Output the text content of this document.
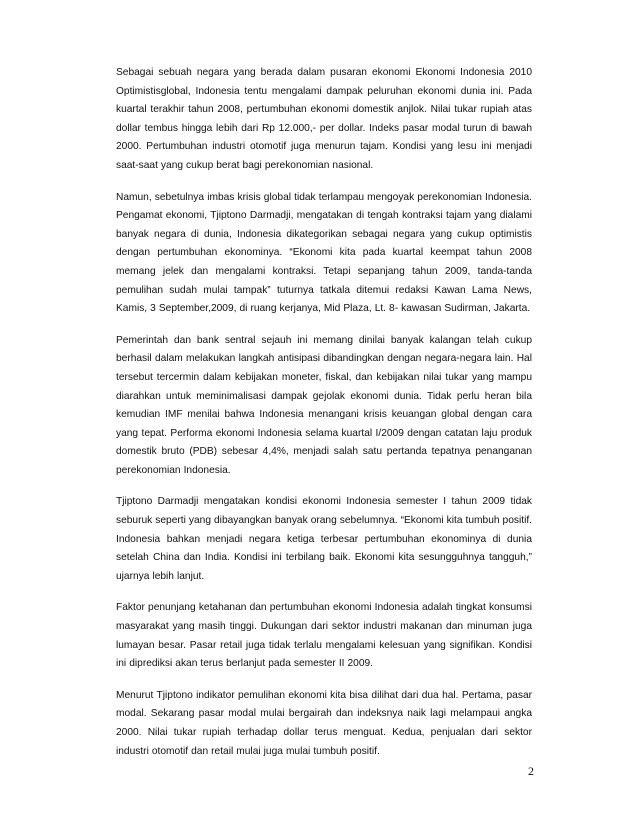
Sebagai sebuah negara yang berada dalam pusaran ekonomi Ekonomi Indonesia 2010 Optimistisglobal, Indonesia tentu mengalami dampak peluruhan ekonomi dunia ini. Pada kuartal terakhir tahun 2008, pertumbuhan ekonomi domestik anjlok. Nilai tukar rupiah atas dollar tembus hingga lebih dari Rp 12.000,- per dollar. Indeks pasar modal turun di bawah 2000. Pertumbuhan industri otomotif juga menurun tajam. Kondisi yang lesu ini menjadi saat-saat yang cukup berat bagi perekonomian nasional.

Namun, sebetulnya imbas krisis global tidak terlampau mengoyak perekonomian Indonesia. Pengamat ekonomi, Tjiptono Darmadji, mengatakan di tengah kontraksi tajam yang dialami banyak negara di dunia, Indonesia dikategorikan sebagai negara yang cukup optimistis dengan pertumbuhan ekonominya. “Ekonomi kita pada kuartal keempat tahun 2008 memang jelek dan mengalami kontraksi. Tetapi sepanjang tahun 2009, tanda-tanda pemulihan sudah mulai tampak” tuturnya tatkala ditemui redaksi Kawan Lama News, Kamis, 3 September,2009, di ruang kerjanya, Mid Plaza, Lt. 8- kawasan Sudirman, Jakarta.

Pemerintah dan bank sentral sejauh ini memang dinilai banyak kalangan telah cukup berhasil dalam melakukan langkah antisipasi dibandingkan dengan negara-negara lain. Hal tersebut tercermin dalam kebijakan moneter, fiskal, dan kebijakan nilai tukar yang mampu diarahkan untuk meminimalisasi dampak gejolak ekonomi dunia. Tidak perlu heran bila kemudian IMF menilai bahwa Indonesia menangani krisis keuangan global dengan cara yang tepat. Performa ekonomi Indonesia selama kuartal I/2009 dengan catatan laju produk domestik bruto (PDB) sebesar 4,4%, menjadi salah satu pertanda tepatnya penanganan perekonomian Indonesia.

Tjiptono Darmadji mengatakan kondisi ekonomi Indonesia semester I tahun 2009 tidak seburuk seperti yang dibayangkan banyak orang sebelumnya. “Ekonomi kita tumbuh positif. Indonesia bahkan menjadi negara ketiga terbesar pertumbuhan ekonominya di dunia setelah China dan India. Kondisi ini terbilang baik. Ekonomi kita sesungguhnya tangguh,” ujarnya lebih lanjut.

Faktor penunjang ketahanan dan pertumbuhan ekonomi Indonesia adalah tingkat konsumsi masyarakat yang masih tinggi. Dukungan dari sektor industri makanan dan minuman juga lumayan besar. Pasar retail juga tidak terlalu mengalami kelesuan yang signifikan. Kondisi ini diprediksi akan terus berlanjut pada semester II 2009.

Menurut Tjiptono indikator pemulihan ekonomi kita bisa dilihat dari dua hal. Pertama, pasar modal. Sekarang pasar modal mulai bergairah dan indeksnya naik lagi melampaui angka 2000. Nilai tukar rupiah terhadap dollar terus menguat. Kedua, penjualan dari sektor industri otomotif dan retail mulai juga mulai tumbuh positif.

2
